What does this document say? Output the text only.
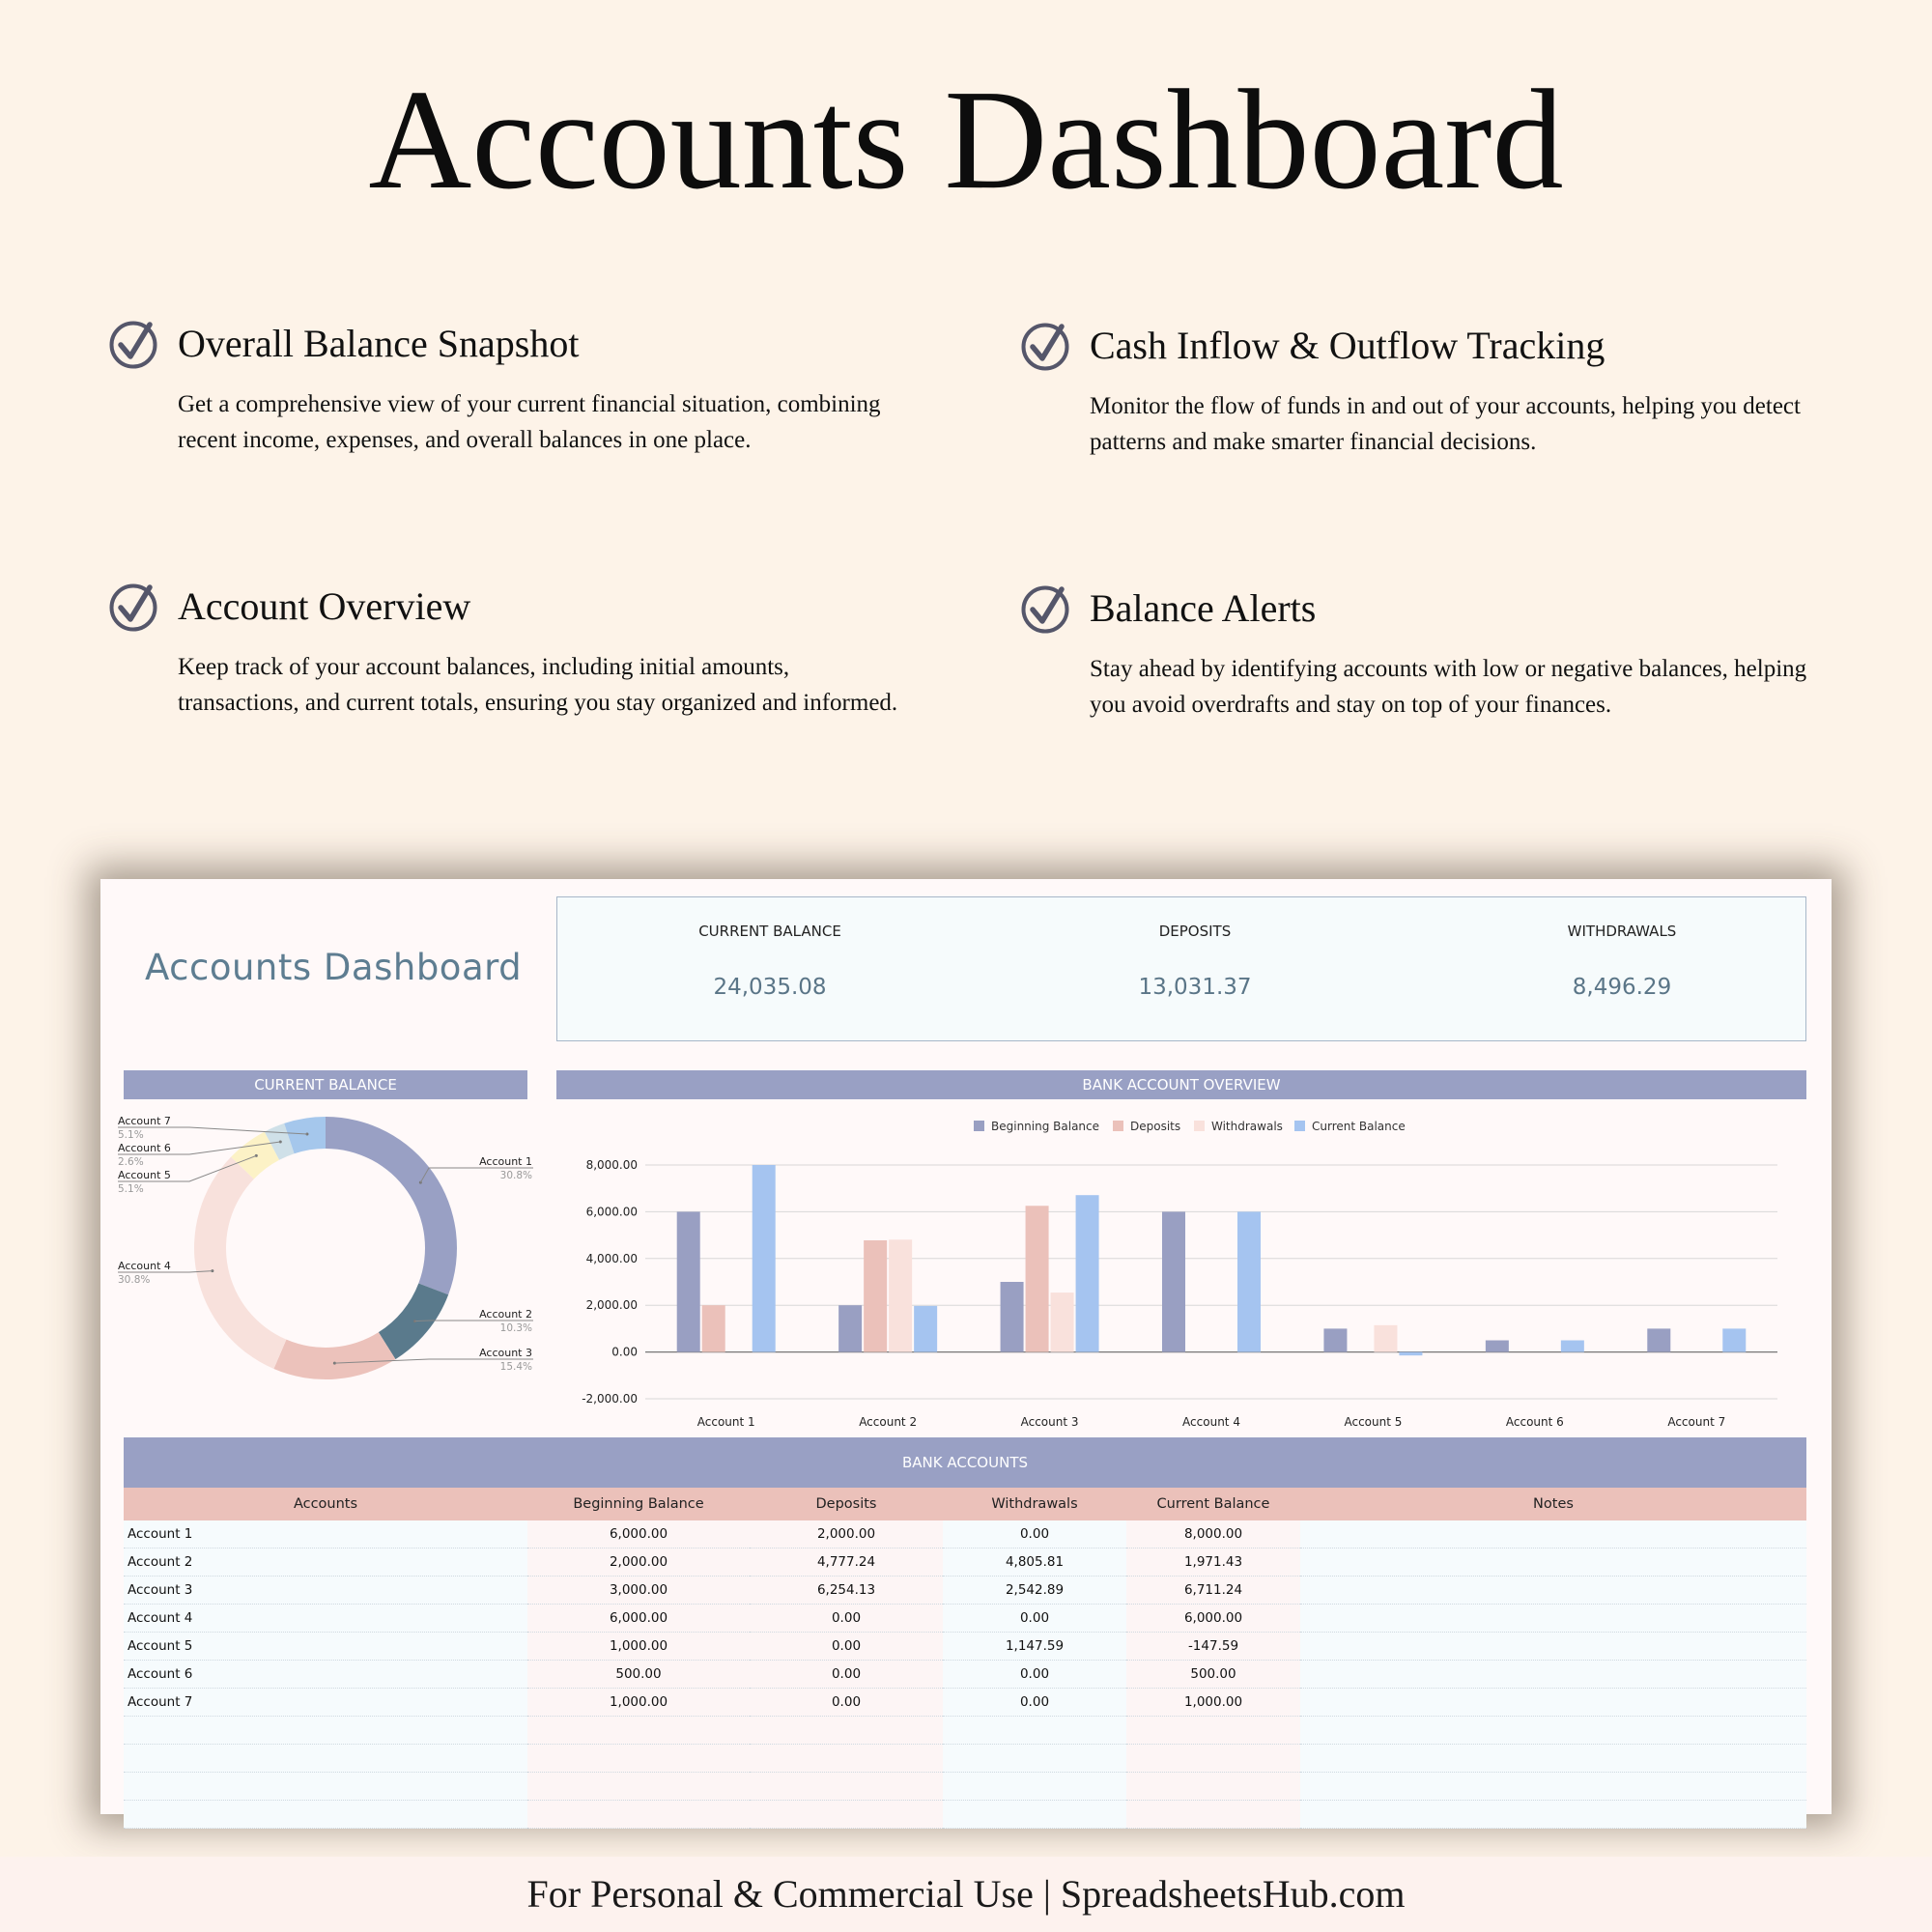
Accounts Dashboard
Overall Balance Snapshot

Get a comprehensive view of your current financial situation, combining recent income, expenses, and overall balances in one place.

Cash Inflow & Outflow Tracking

Monitor the flow of funds in and out of your accounts, helping you detect patterns and make smarter financial decisions.

Account Overview

Keep track of your account balances, including initial amounts, transactions, and current totals, ensuring you stay organized and informed.

Balance Alerts

Stay ahead by identifying accounts with low or negative balances, helping you avoid overdrafts and stay on top of your finances.

Accounts Dashboard
CURRENT BALANCE
24,035.08
DEPOSITS
13,031.37
WITHDRAWALS
8,496.29
CURRENT BALANCE	BANK ACCOUNT OVERVIEW
Account 1
30.8%
Account 2
10.3%
Account 3
15.4%
Account 4
30.8%
Account 5
5.1%
Account 6
2.6%
Account 7
5.1%
Beginning Balance	Deposits	Withdrawals	Current Balance
8,000.00
6,000.00
4,000.00
2,000.00
0.00
-2,000.00
Account 1	Account 2	Account 3	Account 4	Account 5	Account 6	Account 7
BANK ACCOUNTS
Accounts	Beginning Balance	Deposits	Withdrawals	Current Balance	Notes
Account 1	6,000.00	2,000.00	0.00	8,000.00	
Account 2	2,000.00	4,777.24	4,805.81	1,971.43	
Account 3	3,000.00	6,254.13	2,542.89	6,711.24	
Account 4	6,000.00	0.00	0.00	6,000.00	
Account 5	1,000.00	0.00	1,147.59	-147.59	
Account 6	500.00	0.00	0.00	500.00	
Account 7	1,000.00	0.00	0.00	1,000.00	

For Personal & Commercial Use | SpreadsheetsHub.com
